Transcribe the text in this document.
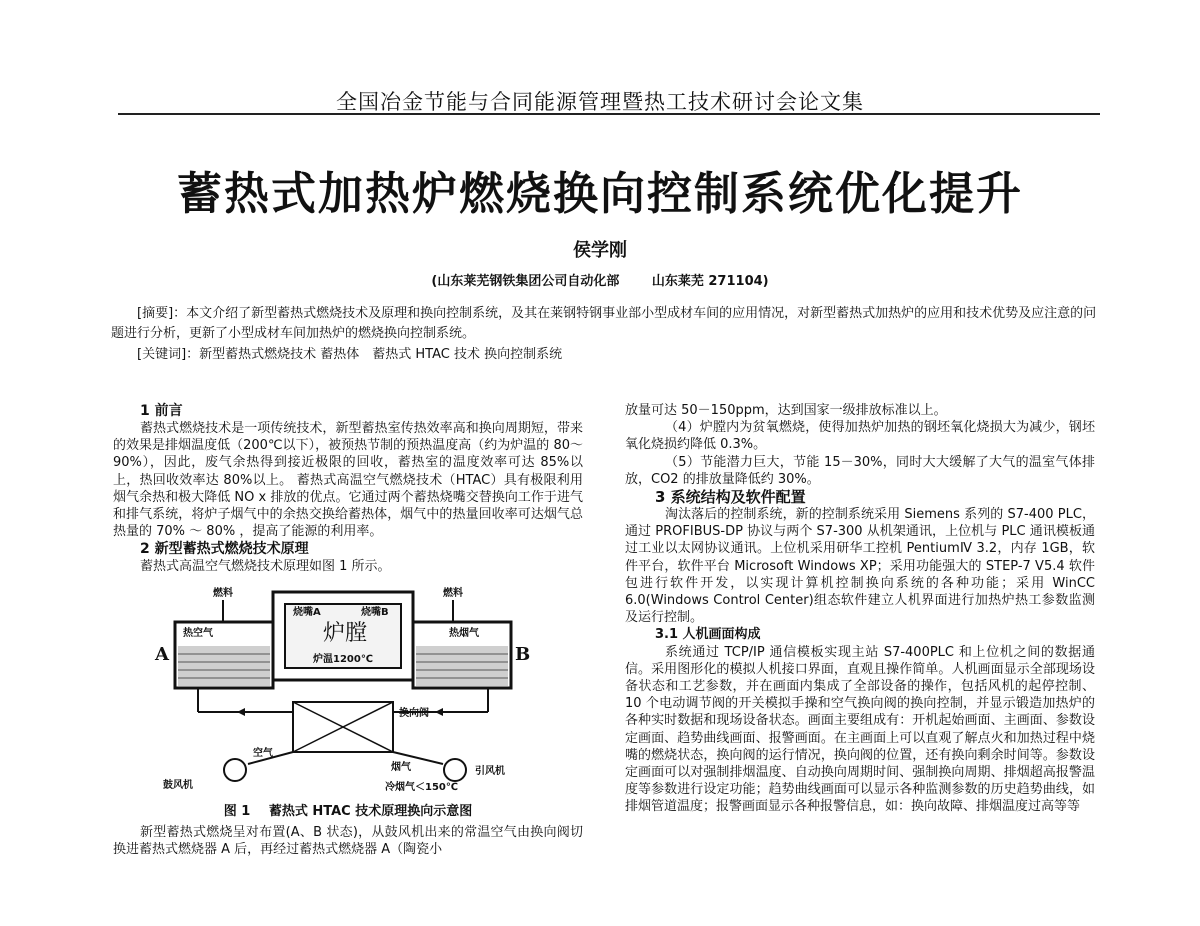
全国冶金节能与合同能源管理暨热工技术研讨会论文集
蓄热式加热炉燃烧换向控制系统优化提升
侯学刚
(山东莱芜钢铁集团公司自动化部	山东莱芜 271104)

[摘要]：本文介绍了新型蓄热式燃烧技术及原理和换向控制系统，及其在莱钢特钢事业部小型成材车间的应用情况，对新型蓄热式加热炉的应用和技术优势及应注意的问题进行分析，更新了小型成材车间加热炉的燃烧换向控制系统。

[关键词]：新型蓄热式燃烧技术 蓄热体　蓄热式 HTAC 技术 换向控制系统

1 前言

蓄热式燃烧技术是一项传统技术，新型蓄热室传热效率高和换向周期短，带来的效果是排烟温度低（200℃以下），被预热节制的预热温度高（约为炉温的 80～90%），因此，废气余热得到接近极限的回收，蓄热室的温度效率可达 85%以上，热回收效率达 80%以上。 蓄热式高温空气燃烧技术（HTAC）具有极限利用烟气余热和极大降低 NO x 排放的优点。它通过两个蓄热烧嘴交替换向工作于进气和排气系统，将炉子烟气中的余热交换给蓄热体，烟气中的热量回收率可达烟气总热量的 70% ～ 80% ，提高了能源的利用率。

2 新型蓄热式燃烧技术原理

蓄热式高温空气燃烧技术原理如图 1 所示。

烧嘴A	烧嘴B
炉膛
炉温1200℃
热空气
A
热烟气
B
燃料	燃料
换向阀
空气
鼓风机
烟气	引风机
冷烟气＜150℃
图 1 蓄热式 HTAC 技术原理换向示意图

新型蓄热式燃烧呈对布置(A、B 状态)，从鼓风机出来的常温空气由换向阀切换进蓄热式燃烧器 A 后，再经过蓄热式燃烧器 A（陶瓷小

放量可达 50－150ppm，达到国家一级排放标准以上。

（4）炉膛内为贫氧燃烧，使得加热炉加热的钢坯氧化烧损大为减少，钢坯氧化烧损约降低 0.3%。

（5）节能潜力巨大，节能 15－30%，同时大大缓解了大气的温室气体排放，CO2 的排放量降低约 30%。

3 系统结构及软件配置

淘汰落后的控制系统，新的控制系统采用 Siemens 系列的 S7-400 PLC，通过 PROFIBUS-DP 协议与两个 S7-300 从机架通讯，上位机与 PLC 通讯模板通过工业以太网协议通讯。上位机采用研华工控机 PentiumⅣ 3.2，内存 1GB，软件平台，软件平台 Microsoft Windows XP；采用功能强大的 STEP-7 V5.4 软件包进行软件开发，以实现计算机控制换向系统的各种功能；采用 WinCC 6.0(Windows Control Center)组态软件建立人机界面进行加热炉热工参数监测及运行控制。

3.1 人机画面构成

系统通过 TCP/IP 通信模板实现主站 S7-400PLC 和上位机之间的数据通信。采用图形化的模拟人机接口界面，直观且操作简单。人机画面显示全部现场设备状态和工艺参数，并在画面内集成了全部设备的操作，包括风机的起停控制、10 个电动调节阀的开关模拟手操和空气换向阀的换向控制，并显示锻造加热炉的各种实时数据和现场设备状态。画面主要组成有：开机起始画面、主画面、参数设定画面、趋势曲线画面、报警画面。在主画面上可以直观了解点火和加热过程中烧嘴的燃烧状态，换向阀的运行情况，换向阀的位置，还有换向剩余时间等。参数设定画面可以对强制排烟温度、自动换向周期时间、强制换向周期、排烟超高报警温度等参数进行设定功能；趋势曲线画面可以显示各种监测参数的历史趋势曲线，如排烟管道温度；报警画面显示各种报警信息，如：换向故障、排烟温度过高等等
